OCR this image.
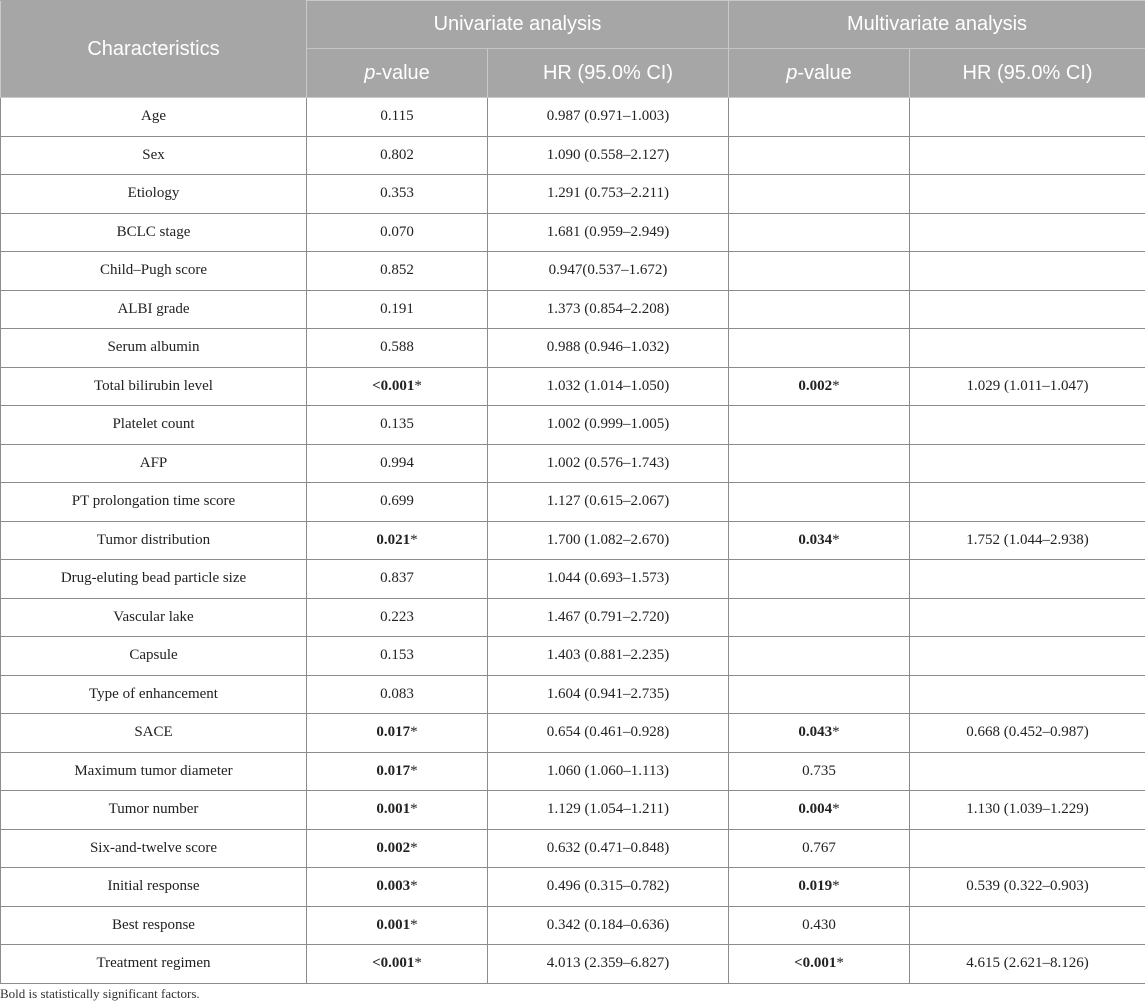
Characteristics	Univariate analysis		Multivariate analysis	
	p-value	HR (95.0% CI)	p-value	HR (95.0% CI)
Age	0.115	0.987 (0.971–1.003)		
Sex	0.802	1.090 (0.558–2.127)		
Etiology	0.353	1.291 (0.753–2.211)		
BCLC stage	0.070	1.681 (0.959–2.949)		
Child–Pugh score	0.852	0.947(0.537–1.672)		
ALBI grade	0.191	1.373 (0.854–2.208)		
Serum albumin	0.588	0.988 (0.946–1.032)		
Total bilirubin level	<0.001*	1.032 (1.014–1.050)	0.002*	1.029 (1.011–1.047)
Platelet count	0.135	1.002 (0.999–1.005)		
AFP	0.994	1.002 (0.576–1.743)		
PT prolongation time score	0.699	1.127 (0.615–2.067)		
Tumor distribution	0.021*	1.700 (1.082–2.670)	0.034*	1.752 (1.044–2.938)
Drug-eluting bead particle size	0.837	1.044 (0.693–1.573)		
Vascular lake	0.223	1.467 (0.791–2.720)		
Capsule	0.153	1.403 (0.881–2.235)		
Type of enhancement	0.083	1.604 (0.941–2.735)		
SACE	0.017*	0.654 (0.461–0.928)	0.043*	0.668 (0.452–0.987)
Maximum tumor diameter	0.017*	1.060 (1.060–1.113)	0.735	
Tumor number	0.001*	1.129 (1.054–1.211)	0.004*	1.130 (1.039–1.229)
Six-and-twelve score	0.002*	0.632 (0.471–0.848)	0.767	
Initial response	0.003*	0.496 (0.315–0.782)	0.019*	0.539 (0.322–0.903)
Best response	0.001*	0.342 (0.184–0.636)	0.430	
Treatment regimen	<0.001*	4.013 (2.359–6.827)	<0.001*	4.615 (2.621–8.126)
Bold is statistically significant factors.
